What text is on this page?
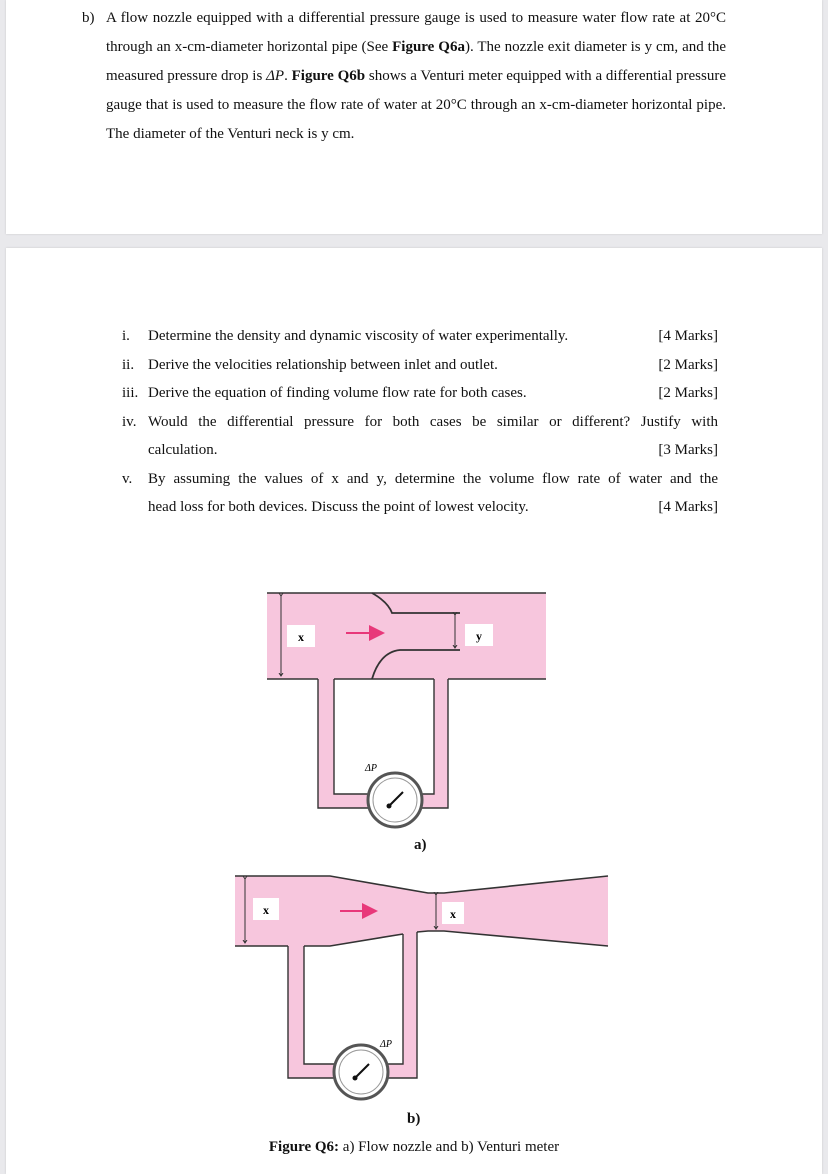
b) A flow nozzle equipped with a differential pressure gauge is used to measure water flow rate at 20°C through an x-cm-diameter horizontal pipe (See Figure Q6a). The nozzle exit diameter is y cm, and the measured pressure drop is ΔP. Figure Q6b shows a Venturi meter equipped with a differential pressure gauge that is used to measure the flow rate of water at 20°C through an x-cm-diameter horizontal pipe. The diameter of the Venturi neck is y cm.
i.	Determine the density and dynamic viscosity of water experimentally.	[4 Marks]
ii. Derive the velocities relationship between inlet and outlet.	[2 Marks]
iii. Derive the equation of finding volume flow rate for both cases.	[2 Marks]
iv. Would the differential pressure for both cases be similar or different? Justify with
calculation.	[3 Marks]
v.	By assuming the values of x and y, determine the volume flow rate of water and the
head loss for both devices. Discuss the point of lowest velocity.	[4 Marks]
x	y
ΔP
x	x
ΔP
a)
b)
Figure Q6: a) Flow nozzle and b) Venturi meter
